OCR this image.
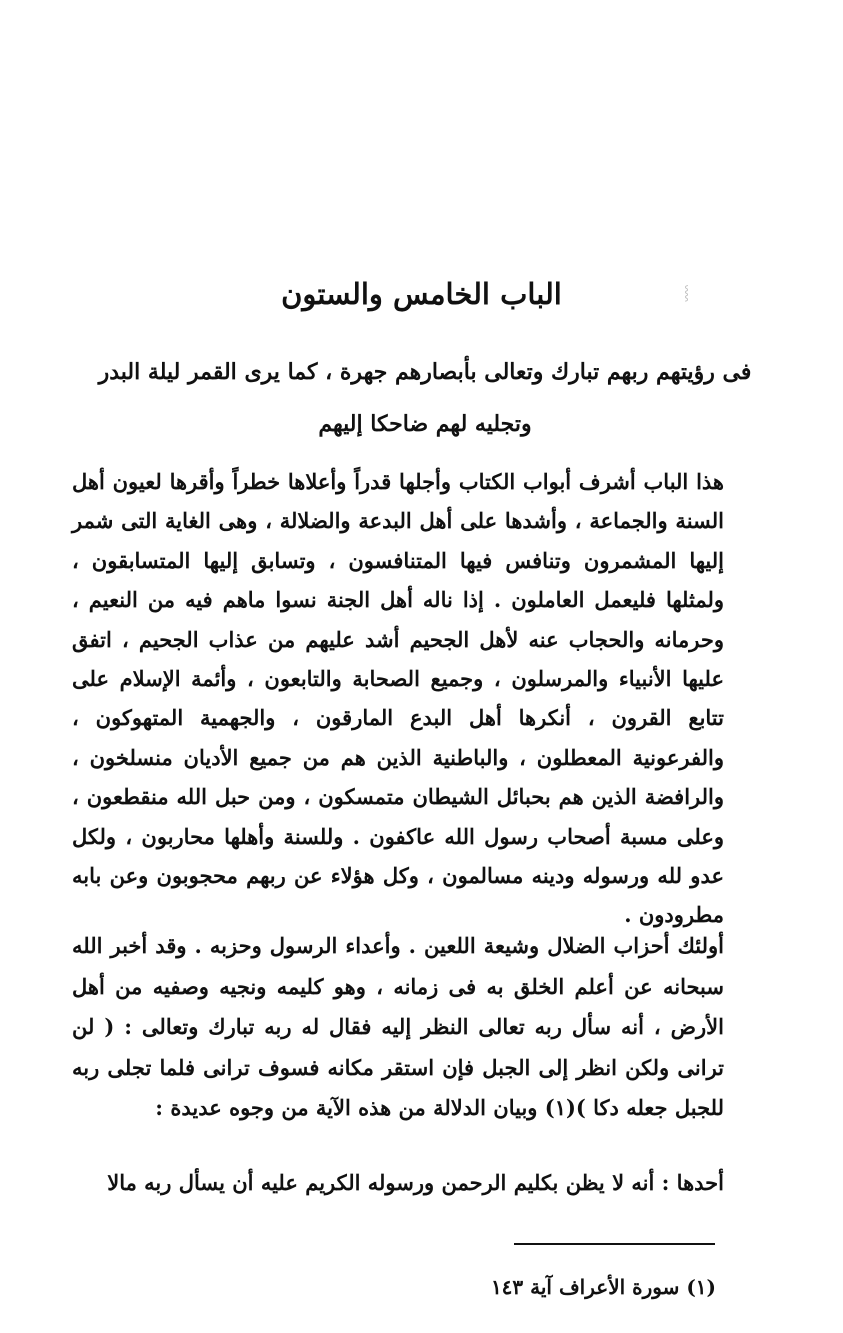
⸾
الباب الخامس والستون
فى رؤيتهم ربهم تبارك وتعالى بأبصارهم جهرة ، كما يرى القمر ليلة البدر وتجليه لهم ضاحكا إليهم
هذا الباب أشرف أبواب الكتاب وأجلها قدراً وأعلاها خطراً وأقرها لعيون أهل السنة والجماعة ، وأشدها على أهل البدعة والضلالة ، وهى الغاية التى شمر إليها المشمرون وتنافس فيها المتنافسون ، وتسابق إليها المتسابقون ، ولمثلها فليعمل العاملون . إذا ناله أهل الجنة نسوا ماهم فيه من النعيم ، وحرمانه والحجاب عنه لأهل الجحيم أشد عليهم من عذاب الجحيم ، اتفق عليها الأنبياء والمرسلون ، وجميع الصحابة والتابعون ، وأئمة الإسلام على تتابع القرون ، أنكرها أهل البدع المارقون ، والجهمية المتهوكون ، والفرعونية المعطلون ، والباطنية الذين هم من جميع الأديان منسلخون ، والرافضة الذين هم بحبائل الشيطان متمسكون ، ومن حبل الله منقطعون ، وعلى مسبة أصحاب رسول الله عاكفون . وللسنة وأهلها محاربون ، ولكل عدو لله ورسوله ودينه مسالمون ، وكل هؤلاء عن ربهم محجوبون وعن بابه مطرودون .
أولئك أحزاب الضلال وشيعة اللعين . وأعداء الرسول وحزبه . وقد أخبر الله سبحانه عن أعلم الخلق به فى زمانه ، وهو كليمه ونجيه وصفيه من أهل الأرض ، أنه سأل ربه تعالى النظر إليه فقال له ربه تبارك وتعالى : ( لن ترانى ولكن انظر إلى الجبل فإن استقر مكانه فسوف ترانى فلما تجلى ربه للجبل جعله دكا )(١) وبيان الدلالة من هذه الآية من وجوه عديدة :
أحدها : أنه لا يظن بكليم الرحمن ورسوله الكريم عليه أن يسأل ربه مالا
(١) سورة الأعراف آية ١٤٣
